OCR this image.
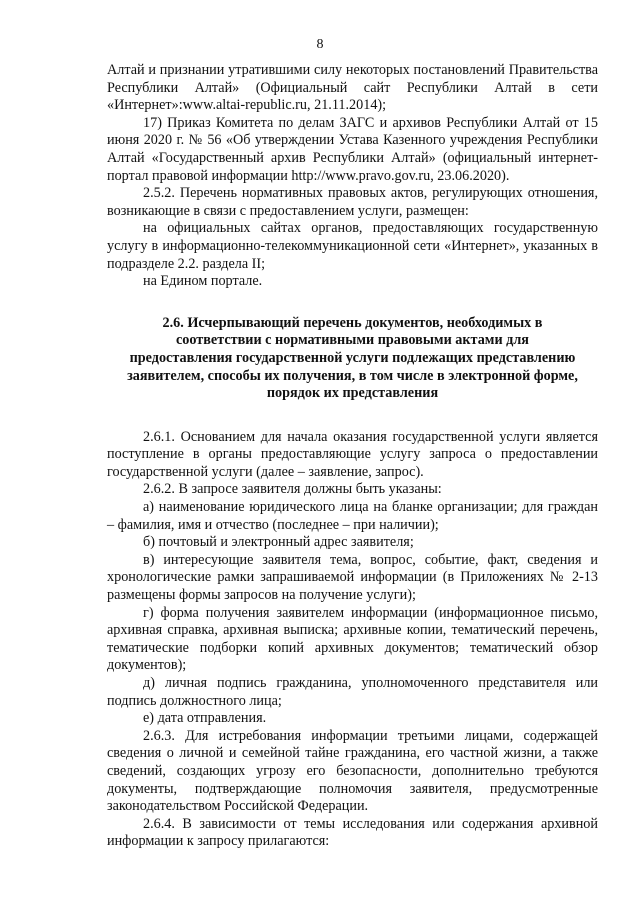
8

Алтай и признании утратившими силу некоторых постановлений Правительства Республики Алтай» (Официальный сайт Республики Алтай в сети «Интернет»:www.altai-republic.ru, 21.11.2014);

17) Приказ Комитета по делам ЗАГС и архивов Республики Алтай от 15 июня 2020 г. № 56 «Об утверждении Устава Казенного учреждения Республики Алтай «Государственный архив Республики Алтай» (официальный интернет-портал правовой информации http://www.pravo.gov.ru, 23.06.2020).

2.5.2. Перечень нормативных правовых актов, регулирующих отношения, возникающие в связи с предоставлением услуги, размещен:

на официальных сайтах органов, предоставляющих государственную услугу в информационно-телекоммуникационной сети «Интернет», указанных в подразделе 2.2. раздела II;

на Едином портале.

2.6. Исчерпывающий перечень документов, необходимых в
соответствии с нормативными правовыми актами для
предоставления государственной услуги подлежащих представлению
заявителем, способы их получения, в том числе в электронной форме,
порядок их представления

2.6.1. Основанием для начала оказания государственной услуги является поступление в органы предоставляющие услугу запроса о предоставлении государственной услуги (далее – заявление, запрос).

2.6.2. В запросе заявителя должны быть указаны:

а) наименование юридического лица на бланке организации; для граждан – фамилия, имя и отчество (последнее – при наличии);

б) почтовый и электронный адрес заявителя;

в) интересующие заявителя тема, вопрос, событие, факт, сведения и хронологические рамки запрашиваемой информации (в Приложениях № 2-13 размещены формы запросов на получение услуги);

г) форма получения заявителем информации (информационное письмо, архивная справка, архивная выписка; архивные копии, тематический перечень, тематические подборки копий архивных документов; тематический обзор документов);

д) личная подпись гражданина, уполномоченного представителя или подпись должностного лица;

е) дата отправления.

2.6.3. Для истребования информации третьими лицами, содержащей сведения о личной и семейной тайне гражданина, его частной жизни, а также сведений, создающих угрозу его безопасности, дополнительно требуются документы, подтверждающие полномочия заявителя, предусмотренные законодательством Российской Федерации.

2.6.4. В зависимости от темы исследования или содержания архивной информации к запросу прилагаются:
